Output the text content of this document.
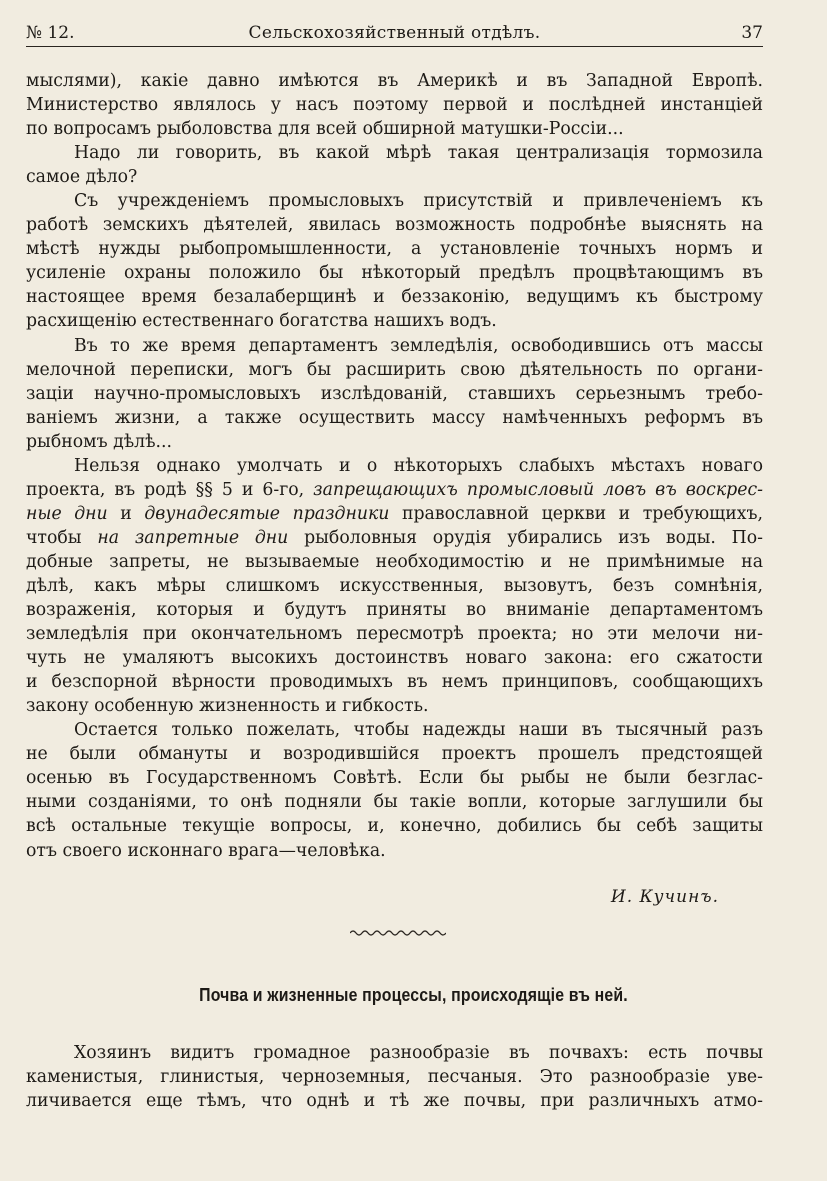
№ 12.	Сельскохозяйственный отдѣлъ.	37
мыслями), какіе давно имѣются въ Америкѣ и въ Западной Европѣ.
Министерство являлось у насъ поэтому первой и послѣдней инстанціей
по вопросамъ рыболовства для всей обширной матушки-Россіи...
Надо ли говорить, въ какой мѣрѣ такая централизація тормозила
самое дѣло?
Съ учрежденіемъ промысловыхъ присутствій и привлеченіемъ къ
работѣ земскихъ дѣятелей, явилась возможность подробнѣе выяснять на
мѣстѣ нужды рыбопромышленности, а установленіе точныхъ нормъ и
усиленіе охраны положило бы нѣкоторый предѣлъ процвѣтающимъ въ
настоящее время безалаберщинѣ и беззаконію, ведущимъ къ быстрому
расхищенію естественнаго богатства нашихъ водъ.
Въ то же время департаментъ земледѣлія, освободившись отъ массы
мелочной переписки, могъ бы расширить свою дѣятельность по органи-
заціи научно-промысловыхъ изслѣдованій, ставшихъ серьезнымъ требо-
ваніемъ жизни, а также осуществить массу намѣченныхъ реформъ въ
рыбномъ дѣлѣ...
Нельзя однако умолчать и о нѣкоторыхъ слабыхъ мѣстахъ новаго
проекта, въ родѣ §§ 5 и 6-го, запрещающихъ промысловый ловъ въ воскрес-
ные дни и двунадесятые праздники православной церкви и требующихъ,
чтобы на запретные дни рыболовныя орудія убирались изъ воды. По-
добные запреты, не вызываемые необходимостію и не примѣнимые на
дѣлѣ, какъ мѣры слишкомъ искусственныя, вызовутъ, безъ сомнѣнія,
возраженія, которыя и будутъ приняты во вниманіе департаментомъ
земледѣлія при окончательномъ пересмотрѣ проекта; но эти мелочи ни-
чуть не умаляютъ высокихъ достоинствъ новаго закона: его сжатости
и безспорной вѣрности проводимыхъ въ немъ принциповъ, сообщающихъ
закону особенную жизненность и гибкость.
Остается только пожелать, чтобы надежды наши въ тысячный разъ
не были обмануты и возродившійся проектъ прошелъ предстоящей
осенью въ Государственномъ Совѣтѣ. Если бы рыбы не были безглас-
ными созданіями, то онѣ подняли бы такіе вопли, которые заглушили бы
всѣ остальные текущіе вопросы, и, конечно, добились бы себѣ защиты
отъ своего исконнаго врага—человѣка.
И. Кучинъ.
Почва и жизненные процессы, происходящіе въ ней.
Хозяинъ видитъ громадное разнообразіе въ почвахъ: есть почвы
каменистыя, глинистыя, черноземныя, песчаныя. Это разнообразіе уве-
личивается еще тѣмъ, что однѣ и тѣ же почвы, при различныхъ атмо-
